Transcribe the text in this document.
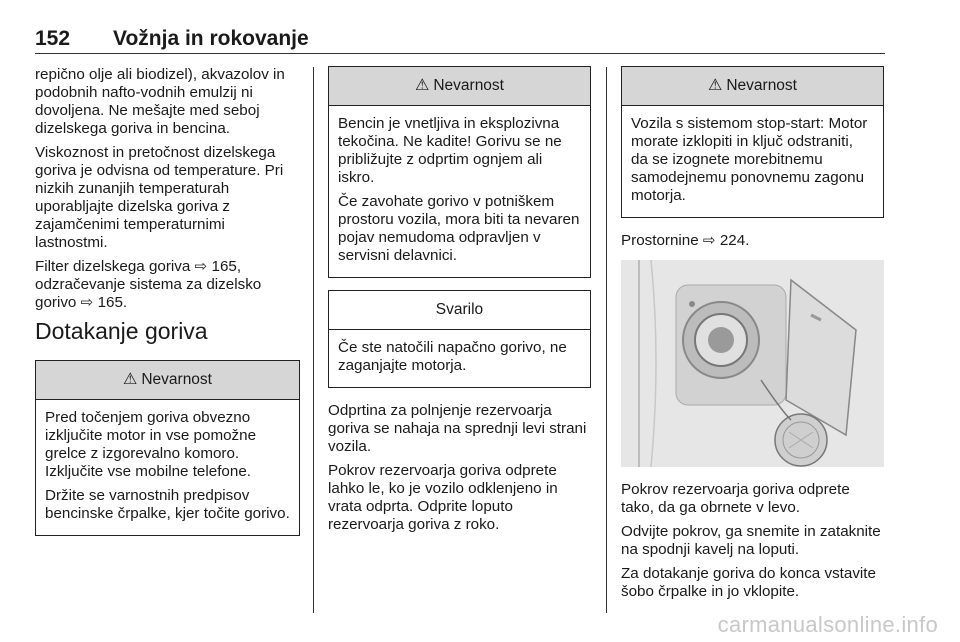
152 Vožnja in rokovanje

repično olje ali biodizel), akvazolov in podobnih nafto-vodnih emulzij ni dovoljena. Ne mešajte med seboj dizelskega goriva in bencina.

Viskoznost in pretočnost dizelskega goriva je odvisna od temperature. Pri nizkih zunanjih temperaturah uporabljajte dizelska goriva z zajamčenimi temperaturnimi lastnostmi.

Filter dizelskega goriva ⇨ 165, odzračevanje sistema za dizelsko gorivo ⇨ 165.

Dotakanje goriva
⚠ Nevarnost

Pred točenjem goriva obvezno izključite motor in vse pomožne grelce z izgorevalno komoro. Izključite vse mobilne telefone.

Držite se varnostnih predpisov bencinske črpalke, kjer točite gorivo.

⚠ Nevarnost

Bencin je vnetljiva in eksplozivna tekočina. Ne kadite! Gorivu se ne približujte z odprtim ognjem ali iskro.

Če zavohate gorivo v potniškem prostoru vozila, mora biti ta nevaren pojav nemudoma odpravljen v servisni delavnici.

Svarilo

Če ste natočili napačno gorivo, ne zaganjajte motorja.

Odprtina za polnjenje rezervoarja goriva se nahaja na sprednji levi strani vozila.

Pokrov rezervoarja goriva odprete lahko le, ko je vozilo odklenjeno in vrata odprta. Odprite loputo rezervoarja goriva z roko.

⚠ Nevarnost

Vozila s sistemom stop-start: Motor morate izklopiti in ključ odstraniti, da se izognete morebitnemu samodejnemu ponovnemu zagonu motorja.

Prostornine ⇨ 224.

Pokrov rezervoarja goriva odprete tako, da ga obrnete v levo.

Odvijte pokrov, ga snemite in zataknite na spodnji kavelj na loputi.

Za dotakanje goriva do konca vstavite šobo črpalke in jo vklopite.

carmanualsonline.info
